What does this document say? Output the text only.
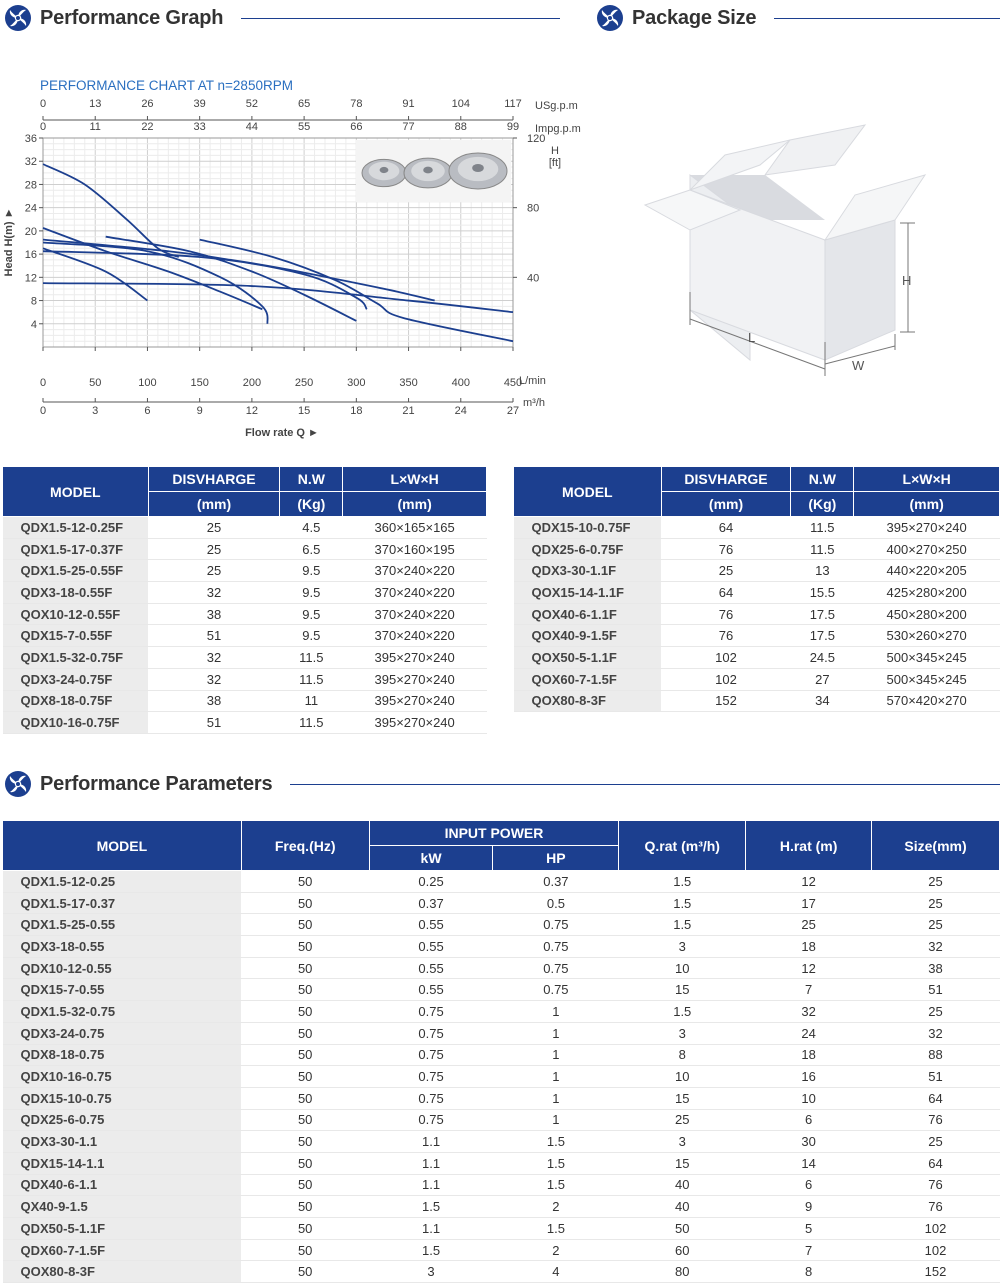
Performance Graph	Package Size
Performance Parameters
PERFORMANCE CHART AT n=2850RPM
4
8
12
16
20
24
28
32
36
Head H(m) ►
0	50	100	150	200	250	300	350	400	450
L/min
0	3	6	9	12	15	18	21	24	27
m³/h
Flow rate Q ►
0
0
13
11
26
22
39
33
52
44
65
55
78
66
91
77
104
88
117
99
USg.p.m
Impg.p.m
40
80
120
H
[ft]
H
L
W
MODEL	DISVHARGE	N.W	L×W×H
	(mm)	(Kg)	(mm)
QDX1.5-12-0.25F	25	4.5	360×165×165
QDX1.5-17-0.37F	25	6.5	370×160×195
QDX1.5-25-0.55F	25	9.5	370×240×220
QDX3-18-0.55F	32	9.5	370×240×220
QOX10-12-0.55F	38	9.5	370×240×220
QDX15-7-0.55F	51	9.5	370×240×220
QDX1.5-32-0.75F	32	11.5	395×270×240
QDX3-24-0.75F	32	11.5	395×270×240
QDX8-18-0.75F	38	11	395×270×240
QDX10-16-0.75F	51	11.5	395×270×240
MODEL	DISVHARGE	N.W	L×W×H
	(mm)	(Kg)	(mm)
QDX15-10-0.75F	64	11.5	395×270×240
QDX25-6-0.75F	76	11.5	400×270×250
QDX3-30-1.1F	25	13	440×220×205
QOX15-14-1.1F	64	15.5	425×280×200
QOX40-6-1.1F	76	17.5	450×280×200
QOX40-9-1.5F	76	17.5	530×260×270
QOX50-5-1.1F	102	24.5	500×345×245
QOX60-7-1.5F	102	27	500×345×245
QOX80-8-3F	152	34	570×420×270
MODEL	Freq.(Hz)	INPUT POWER		Q.rat (m³/h)	H.rat (m)	Size(mm)
		kW	HP			
QDX1.5-12-0.25	50	0.25	0.37	1.5	12	25
QDX1.5-17-0.37	50	0.37	0.5	1.5	17	25
QDX1.5-25-0.55	50	0.55	0.75	1.5	25	25
QDX3-18-0.55	50	0.55	0.75	3	18	32
QDX10-12-0.55	50	0.55	0.75	10	12	38
QDX15-7-0.55	50	0.55	0.75	15	7	51
QDX1.5-32-0.75	50	0.75	1	1.5	32	25
QDX3-24-0.75	50	0.75	1	3	24	32
QDX8-18-0.75	50	0.75	1	8	18	88
QDX10-16-0.75	50	0.75	1	10	16	51
QDX15-10-0.75	50	0.75	1	15	10	64
QDX25-6-0.75	50	0.75	1	25	6	76
QDX3-30-1.1	50	1.1	1.5	3	30	25
QDX15-14-1.1	50	1.1	1.5	15	14	64
QDX40-6-1.1	50	1.1	1.5	40	6	76
QX40-9-1.5	50	1.5	2	40	9	76
QDX50-5-1.1F	50	1.1	1.5	50	5	102
QDX60-7-1.5F	50	1.5	2	60	7	102
QOX80-8-3F	50	3	4	80	8	152
